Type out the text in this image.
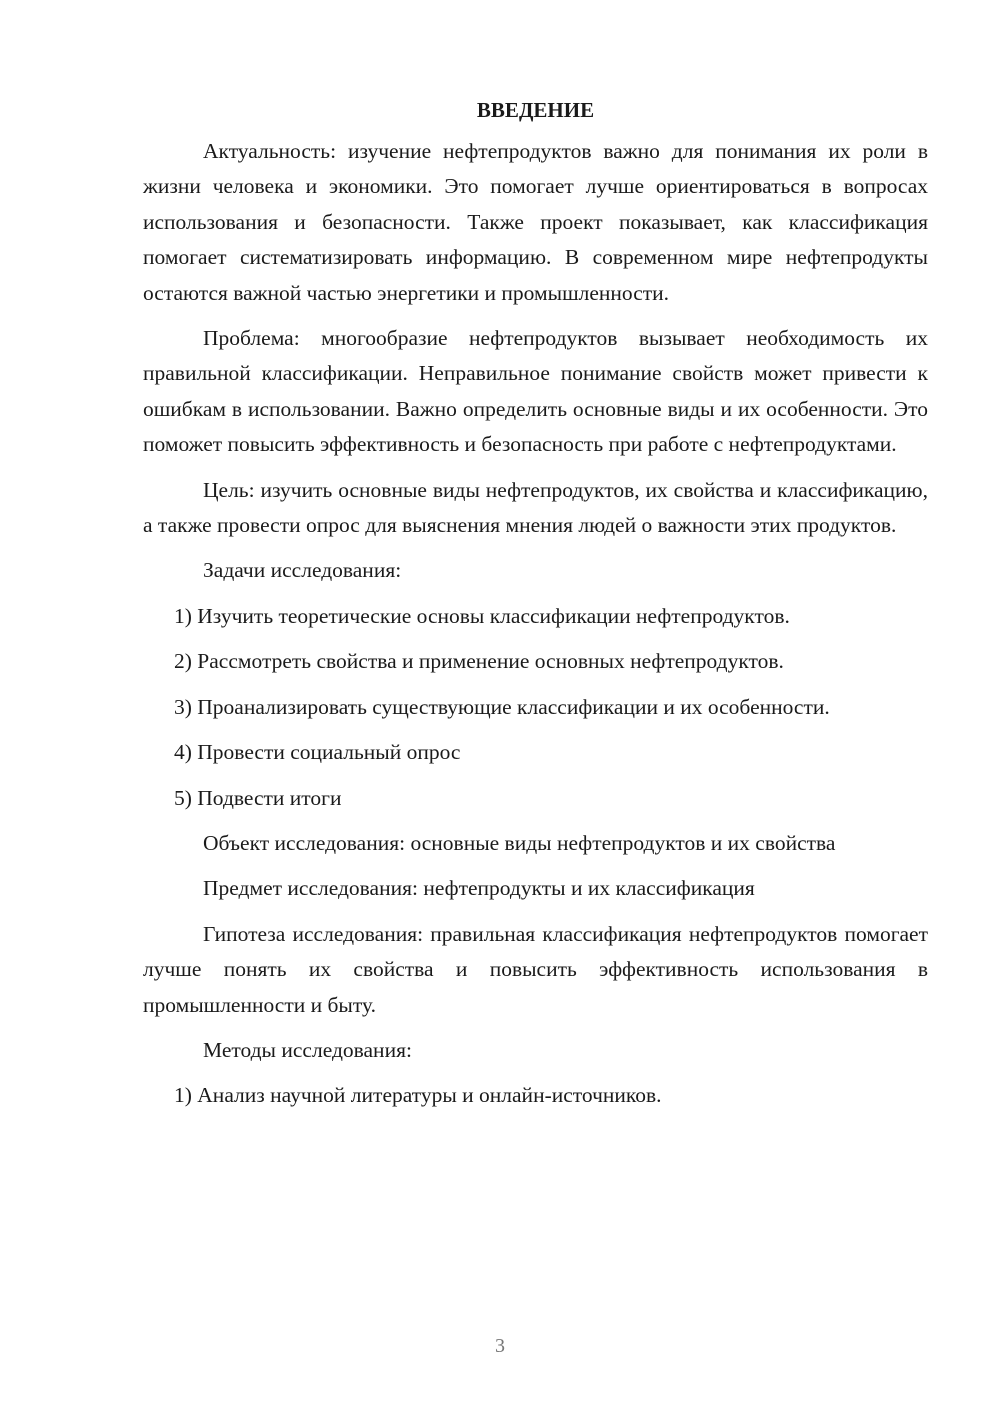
ВВЕДЕНИЕ

Актуальность: изучение нефтепродуктов важно для понимания их роли в жизни человека и экономики. Это помогает лучше ориентироваться в вопросах использования и безопасности. Также проект показывает, как классификация помогает систематизировать информацию. В современном мире нефтепродукты остаются важной частью энергетики и промышленности.

Проблема: многообразие нефтепродуктов вызывает необходимость их правильной классификации. Неправильное понимание свойств может привести к ошибкам в использовании. Важно определить основные виды и их особенности. Это поможет повысить эффективность и безопасность при работе с нефтепродуктами.

Цель: изучить основные виды нефтепродуктов, их свойства и классификацию, а также провести опрос для выяснения мнения людей о важности этих продуктов.

Задачи исследования:

1) Изучить теоретические основы классификации нефтепродуктов.

2) Рассмотреть свойства и применение основных нефтепродуктов.

3) Проанализировать существующие классификации и их особенности.

4) Провести социальный опрос

5) Подвести итоги

Объект исследования: основные виды нефтепродуктов и их свойства

Предмет исследования: нефтепродукты и их классификация

Гипотеза исследования: правильная классификация нефтепродуктов помогает лучше понять их свойства и повысить эффективность использования в промышленности и быту.

Методы исследования:

1) Анализ научной литературы и онлайн-источников.

3
